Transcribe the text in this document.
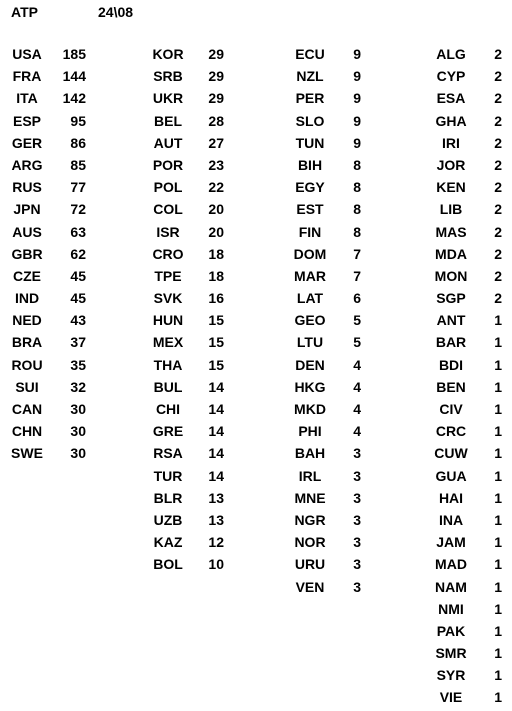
ATP	24\08
USA	185
FRA	144
ITA	142
ESP	95
GER	86
ARG	85
RUS	77
JPN	72
AUS	63
GBR	62
CZE	45
IND	45
NED	43
BRA	37
ROU	35
SUI	32
CAN	30
CHN	30
SWE	30
KOR	29
SRB	29
UKR	29
BEL	28
AUT	27
POR	23
POL	22
COL	20
ISR	20
CRO	18
TPE	18
SVK	16
HUN	15
MEX	15
THA	15
BUL	14
CHI	14
GRE	14
RSA	14
TUR	14
BLR	13
UZB	13
KAZ	12
BOL	10
ECU	9
NZL	9
PER	9
SLO	9
TUN	9
BIH	8
EGY	8
EST	8
FIN	8
DOM	7
MAR	7
LAT	6
GEO	5
LTU	5
DEN	4
HKG	4
MKD	4
PHI	4
BAH	3
IRL	3
MNE	3
NGR	3
NOR	3
URU	3
VEN	3
ALG	2
CYP	2
ESA	2
GHA	2
IRI	2
JOR	2
KEN	2
LIB	2
MAS	2
MDA	2
MON	2
SGP	2
ANT	1
BAR	1
BDI	1
BEN	1
CIV	1
CRC	1
CUW	1
GUA	1
HAI	1
INA	1
JAM	1
MAD	1
NAM	1
NMI	1
PAK	1
SMR	1
SYR	1
VIE	1
